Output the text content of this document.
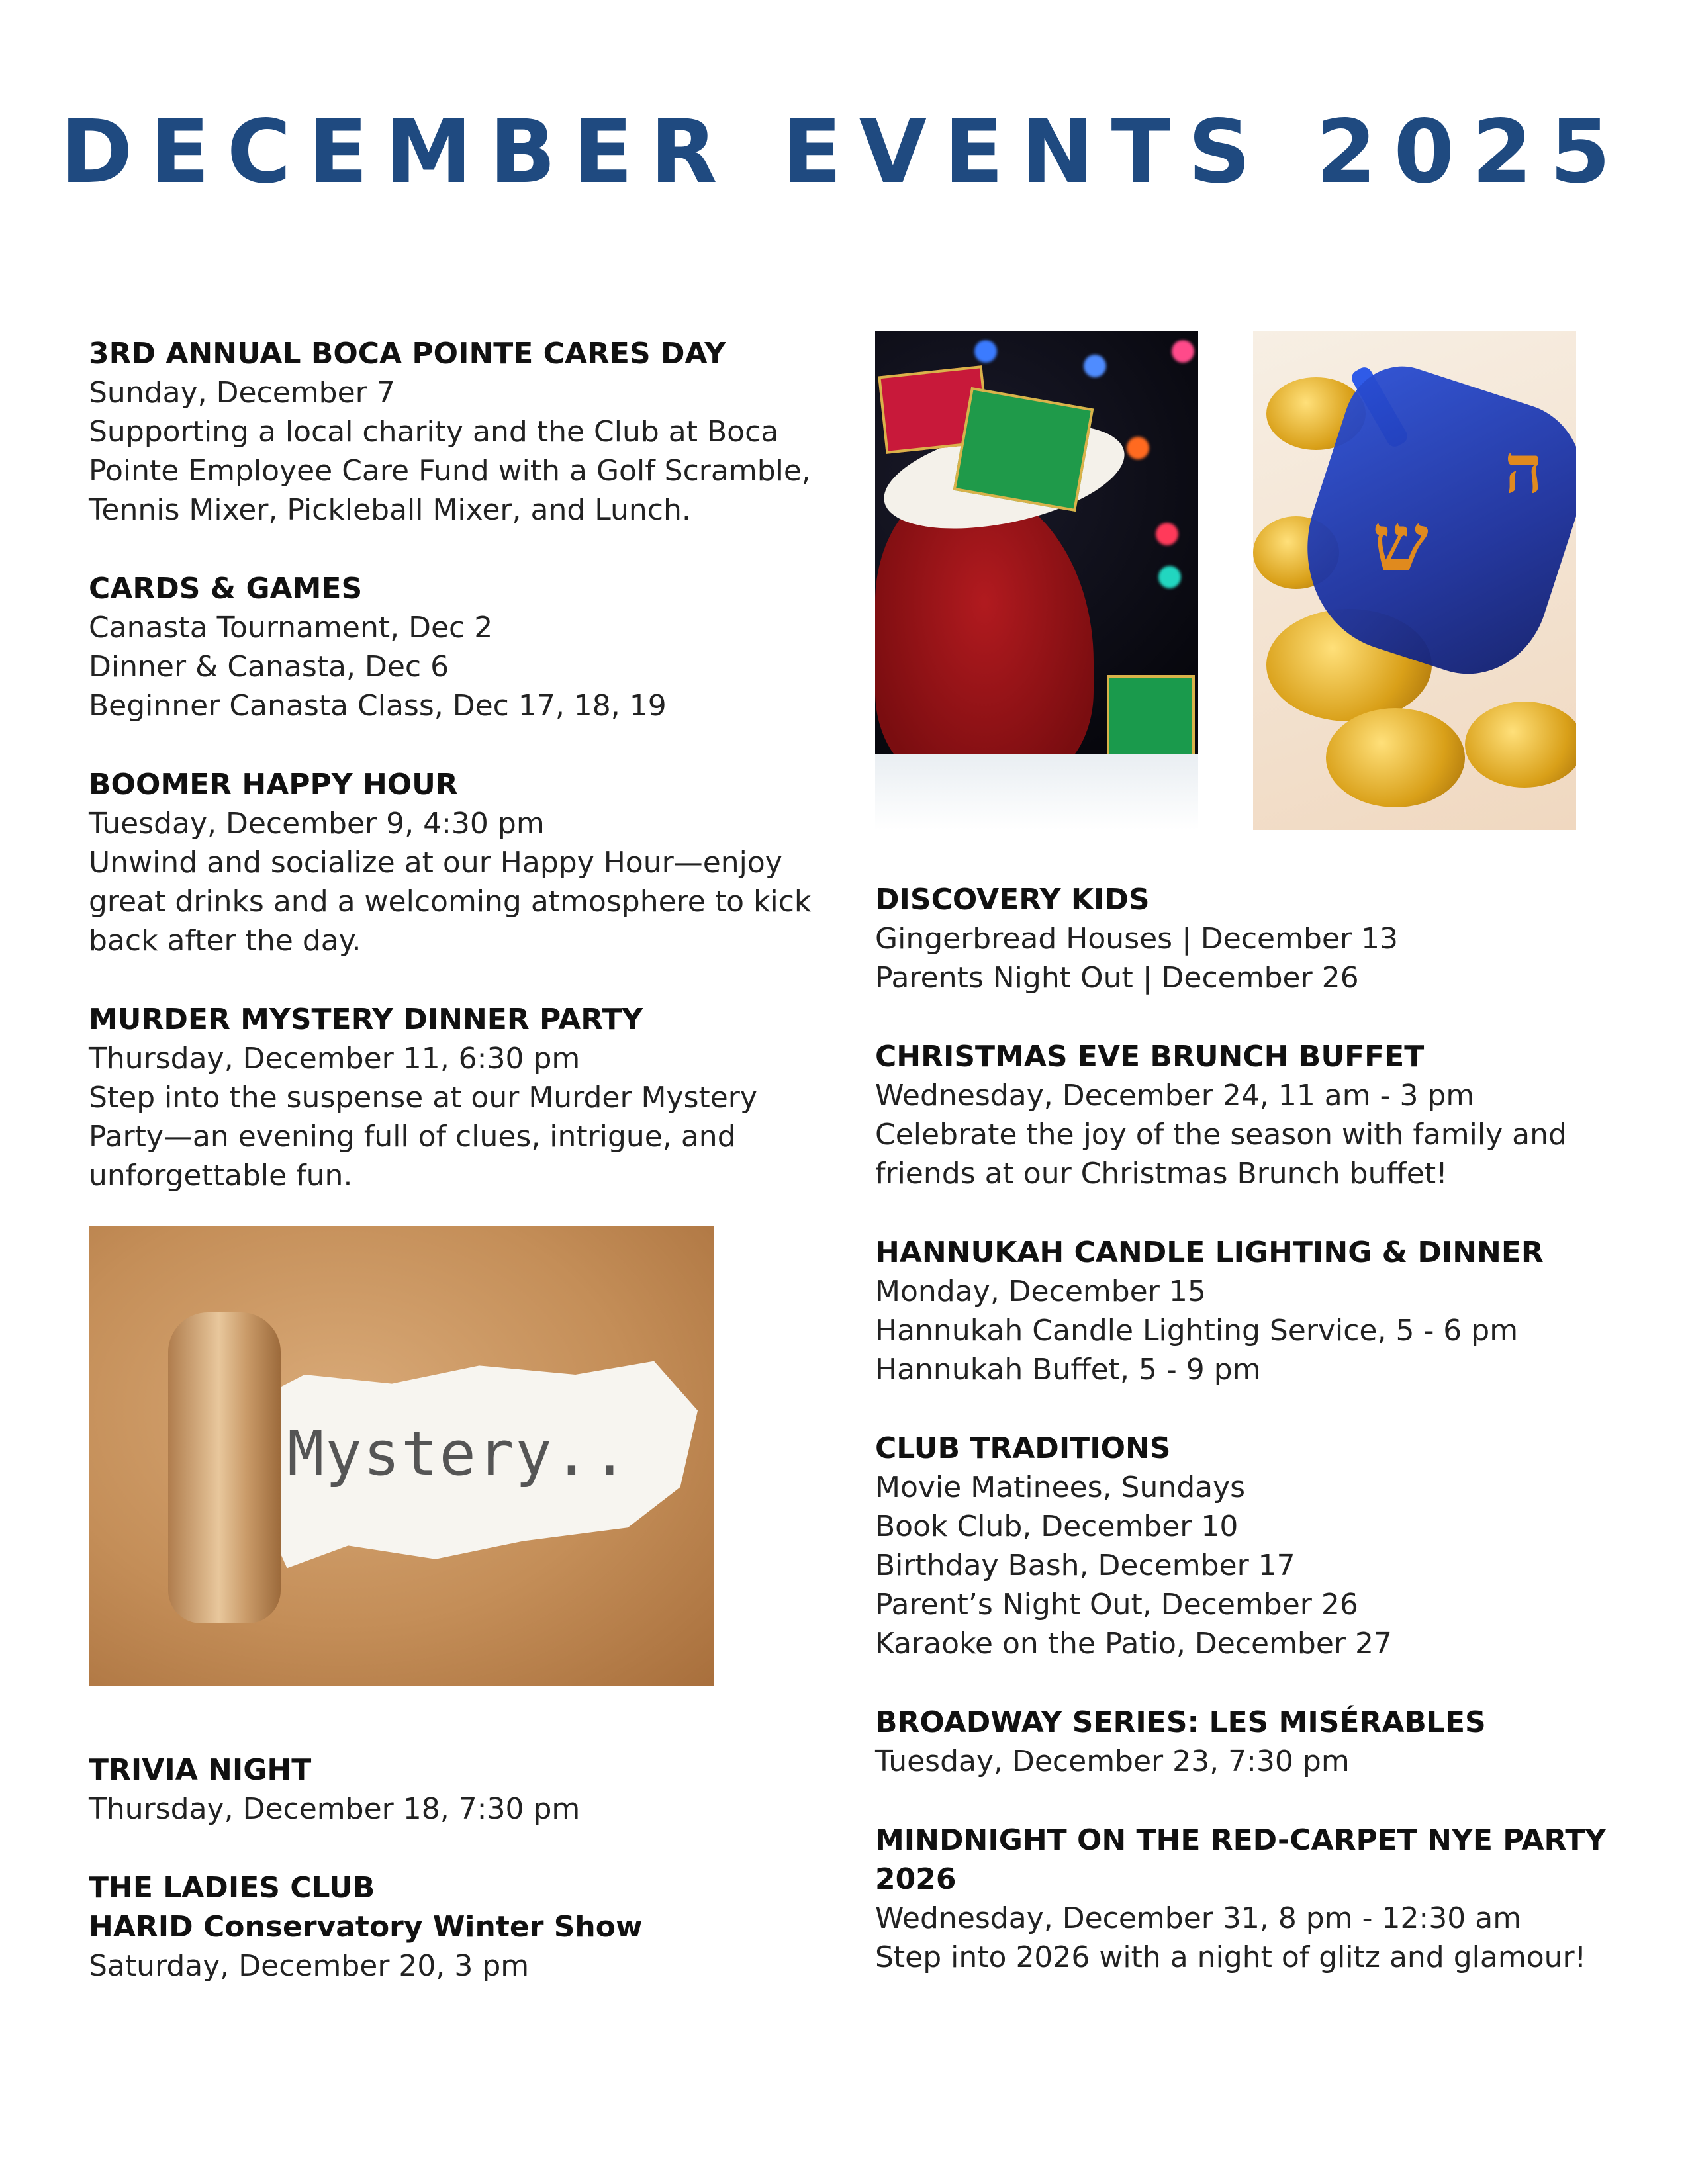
DECEMBER EVENTS 2025
3RD ANNUAL BOCA POINTE CARES DAY
Sunday, December 7
Supporting a local charity and the Club at Boca
Pointe Employee Care Fund with a Golf Scramble,
Tennis Mixer, Pickleball Mixer, and Lunch.
CARDS & GAMES
Canasta Tournament, Dec 2
Dinner & Canasta, Dec 6
Beginner Canasta Class, Dec 17, 18, 19
BOOMER HAPPY HOUR
Tuesday, December 9, 4:30 pm
Unwind and socialize at our Happy Hour—enjoy
great drinks and a welcoming atmosphere to kick
back after the day.
MURDER MYSTERY DINNER PARTY
Thursday, December 11, 6:30 pm
Step into the suspense at our Murder Mystery
Party—an evening full of clues, intrigue, and
unforgettable fun.
Mystery..
TRIVIA NIGHT
Thursday, December 18, 7:30 pm
THE LADIES CLUB
HARID Conservatory Winter Show
Saturday, December 20, 3 pm
ש
ה
DISCOVERY KIDS
Gingerbread Houses | December 13
Parents Night Out | December 26
CHRISTMAS EVE BRUNCH BUFFET
Wednesday, December 24, 11 am - 3 pm
Celebrate the joy of the season with family and
friends at our Christmas Brunch buffet!
HANNUKAH CANDLE LIGHTING & DINNER
Monday, December 15
Hannukah Candle Lighting Service, 5 - 6 pm
Hannukah Buffet, 5 - 9 pm
CLUB TRADITIONS
Movie Matinees, Sundays
Book Club, December 10
Birthday Bash, December 17
Parent’s Night Out, December 26
Karaoke on the Patio, December 27
BROADWAY SERIES: LES MISÉRABLES
Tuesday, December 23, 7:30 pm
MINDNIGHT ON THE RED-CARPET NYE PARTY
2026
Wednesday, December 31, 8 pm - 12:30 am
Step into 2026 with a night of glitz and glamour!
